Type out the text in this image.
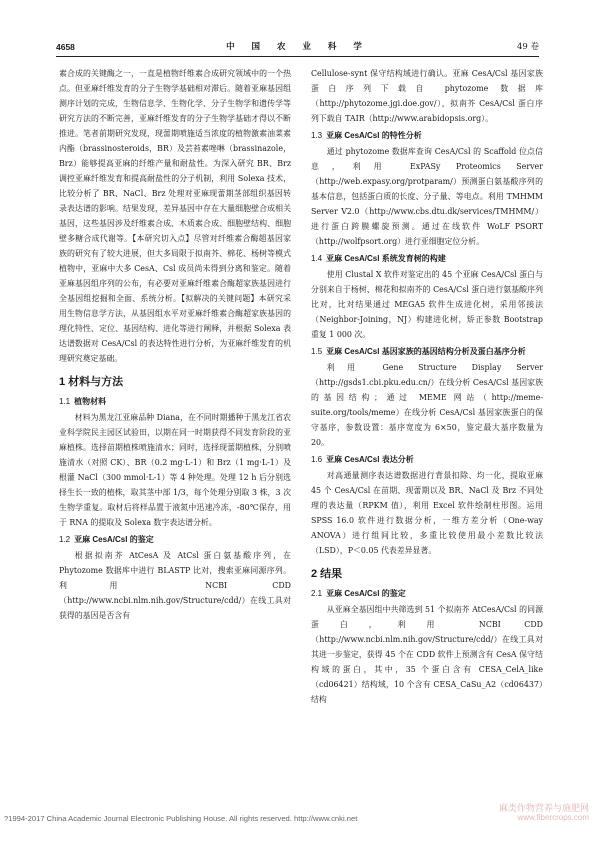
4658	中 国 农 业 科 学	49 卷

素合成的关键酶之一，一直是植物纤维素合成研究领域中的一个热点。但亚麻纤维发育的分子生物学基础相对滞后。随着亚麻基因组测序计划的完成，生物信息学、生物化学、分子生物学和遗传学等研究方法的不断完善，亚麻纤维发育的分子生物学基础才得以不断推进。笔者前期研究发现，现蕾期喷施适当浓度的植物激素油菜素内酯（brassinosteroids，BR）及芸苔素唑啉（brassinazole，Brz）能够提高亚麻的纤维产量和耐盐性。为深入研究 BR、Brz 调控亚麻纤维发育和提高耐盐性的分子机制，利用 Solexa 技术，比较分析了 BR、NaCl、Brz 处理对亚麻现蕾期茎部组织基因转录表达谱的影响。结果发现，差异基因中存在大量细胞壁合成相关基因，这些基因涉及纤维素合成、木质素合成、细胞壁结构、细胞壁多糖合成代谢等。【本研究切入点】尽管对纤维素合酶超基因家族的研究有了较大进展，但大多局限于拟南芥、棉花、杨树等模式植物中，亚麻中大多 CesA、Csl 成员尚未得到分离和鉴定。随着亚麻基因组序列的公布，有必要对亚麻纤维素合酶超家族基因进行全基因组挖掘和全面、系统分析。【拟解决的关键问题】本研究采用生物信息学方法，从基因组水平对亚麻纤维素合酶超家族基因的理化特性、定位、基因结构、进化等进行阐释，并根据 Solexa 表达谱数据对 CesA/Csl 的表达特性进行分析，为亚麻纤维发育的机理研究奠定基础。

1 材料与方法
1.1 植物材料

材料为黑龙江亚麻品种 Diana，在不同时期播种于黑龙江省农业科学院民主园区试验田，以期在同一时期获得不同发育阶段的亚麻植株。选择苗期植株喷施清水；同时，选择现蕾期植株，分别喷施清水（对照 CK）、BR（0.2 mg·L-1）和 Brz（1 mg·L-1）及根灌 NaCl（300 mmol·L-1）等 4 种处理。处理 12 h 后分别选择生长一致的植株，取其茎中部 1/3，每个处理分别取 3 株，3 次生物学重复。取材后将样品置于液氮中迅速冷冻，-80℃保存，用于 RNA 的提取及 Solexa 数字表达谱分析。

1.2 亚麻 CesA/Csl 的鉴定

根据拟南芥 AtCesA 及 AtCsl 蛋白氨基酸序列，在 Phytozome 数据库中进行 BLASTP 比对，搜索亚麻同源序列。利用 NCBI CDD（http://www.ncbi.nlm.nih.gov/Structure/cdd/）在线工具对获得的基因是否含有

Cellulose-synt 保守结构域进行确认。亚麻 CesA/Csl 基因家族蛋白序列下载自 phytozome 数据库（http://phytozome.jgi.doe.gov/），拟南芥 CesA/Csl 蛋白序列下载自 TAIR（http://www.arabidopsis.org）。

1.3 亚麻 CesA/Csl 的特性分析

通过 phytozome 数据库查询 CesA/Csl 的 Scaffold 位点信息，利用 ExPASy Proteomics Server（http://web.expasy.org/protparam/）预测蛋白氨基酸序列的基本信息，包括蛋白质的长度、分子量、等电点。利用 TMHMM Server V2.0（http://www.cbs.dtu.dk/services/TMHMM/）进行蛋白跨膜螺旋预测。通过在线软件 WoLF PSORT（http://wolfpsort.org）进行亚细胞定位分析。

1.4 亚麻 CesA/Csl 系统发育树的构建

使用 Clustal X 软件对鉴定出的 45 个亚麻 CesA/Csl 蛋白与分别来自于杨树、棉花和拟南芥的 CesA/Csl 蛋白进行氨基酸序列比对，比对结果通过 MEGA5 软件生成进化树，采用邻接法（Neighbor-Joining，NJ）构建进化树，矫正参数 Bootstrap 重复 1 000 次。

1.5 亚麻 CesA/Csl 基因家族的基因结构分析及蛋白基序分析

利用 Gene Structure Display Server（http://gsds1.cbi.pku.edu.cn/）在线分析 CesA/Csl 基因家族的基因结构；通过 MEME 网站（http://meme-suite.org/tools/meme）在线分析 CesA/Csl 基因家族蛋白的保守基序，参数设置：基序宽度为 6×50，鉴定最大基序数量为 20。

1.6 亚麻 CesA/Csl 表达分析

对高通量测序表达谱数据进行背景扣除、均一化，提取亚麻 45 个 CesA/Csl 在苗期、现蕾期以及 BR、NaCl 及 Brz 不同处理的表达量（RPKM 值），利用 Excel 软件绘制柱形图。运用 SPSS 16.0 软件进行数据分析，一维方差分析（One-way ANOVA）进行组间比较，多重比较使用最小差数比较法（LSD），P＜0.05 代表差异显著。

2 结果
2.1 亚麻 CesA/Csl 的鉴定

从亚麻全基因组中共筛选到 51 个拟南芥 AtCesA/Csl 的同源蛋白，利用 NCBI CDD（http://www.ncbi.nlm.nih.gov/Structure/cdd/）在线工具对其进一步鉴定，获得 45 个在 CDD 软件上预测含有 CesA 保守结构域的蛋白，其中，35 个蛋白含有 CESA_CelA_like（cd06421）结构域，10 个含有 CESA_CaSu_A2（cd06437）结构

?1994-2017 China Academic Journal Electronic Publishing House. All rights reserved. http://www.cnki.net
麻类作物营养与施肥网
www.fibercrops.com
